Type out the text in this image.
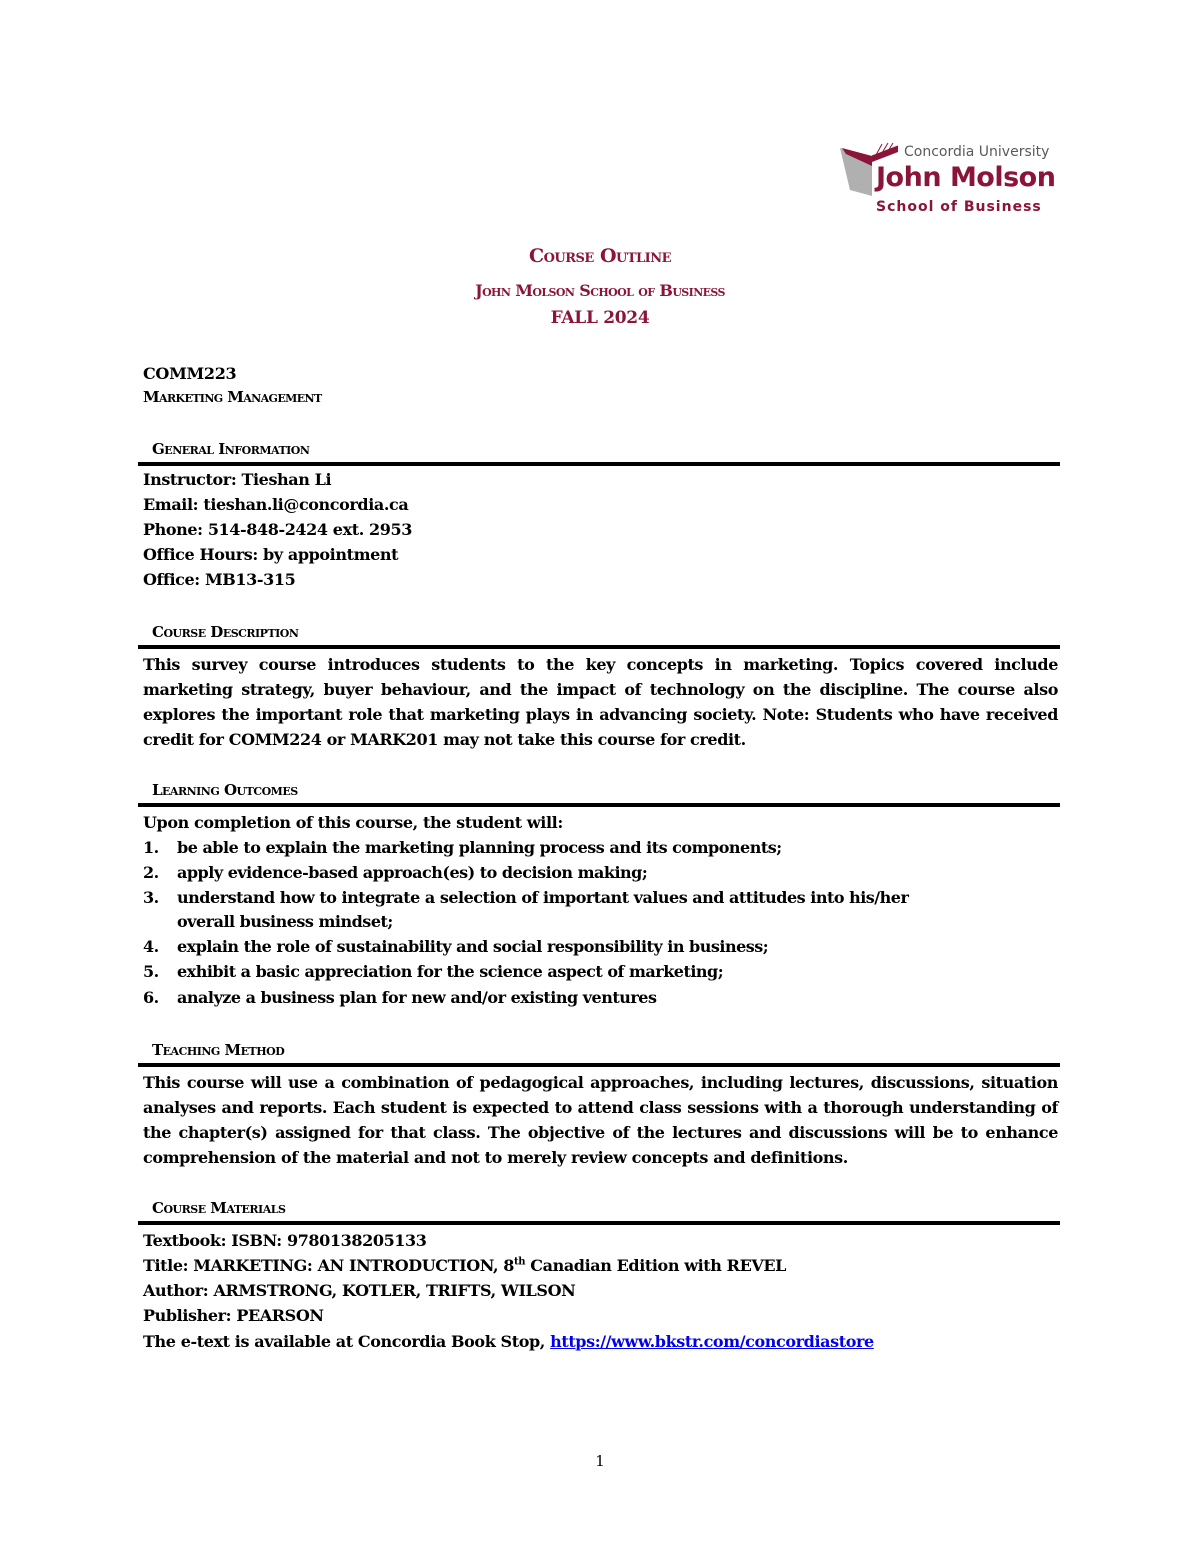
Concordia University
John Molson
School of Business
Course Outline
John Molson School of Business
FALL 2024
COMM223
Marketing Management
General Information
Instructor: Tieshan Li
Email: tieshan.li@concordia.ca
Phone: 514-848-2424 ext. 2953
Office Hours: by appointment
Office: MB13-315
Course Description
This survey course introduces students to the key concepts in marketing. Topics covered include marketing strategy, buyer behaviour, and the impact of technology on the discipline. The course also explores the important role that marketing plays in advancing society. Note: Students who have received credit for COMM224 or MARK201 may not take this course for credit.
Learning Outcomes
Upon completion of this course, the student will:
1. be able to explain the marketing planning process and its components;
2. apply evidence-based approach(es) to decision making;
3. understand how to integrate a selection of important values and attitudes into his/her
overall business mindset;
4. explain the role of sustainability and social responsibility in business;
5. exhibit a basic appreciation for the science aspect of marketing;
6. analyze a business plan for new and/or existing ventures
Teaching Method
This course will use a combination of pedagogical approaches, including lectures, discussions, situation analyses and reports. Each student is expected to attend class sessions with a thorough understanding of the chapter(s) assigned for that class. The objective of the lectures and discussions will be to enhance comprehension of the material and not to merely review concepts and definitions.
Course Materials
Textbook: ISBN: 9780138205133
Title: MARKETING: AN INTRODUCTION, 8th Canadian Edition with REVEL
Author: ARMSTRONG, KOTLER, TRIFTS, WILSON
Publisher: PEARSON
The e-text is available at Concordia Book Stop, https://www.bkstr.com/concordiastore
1
